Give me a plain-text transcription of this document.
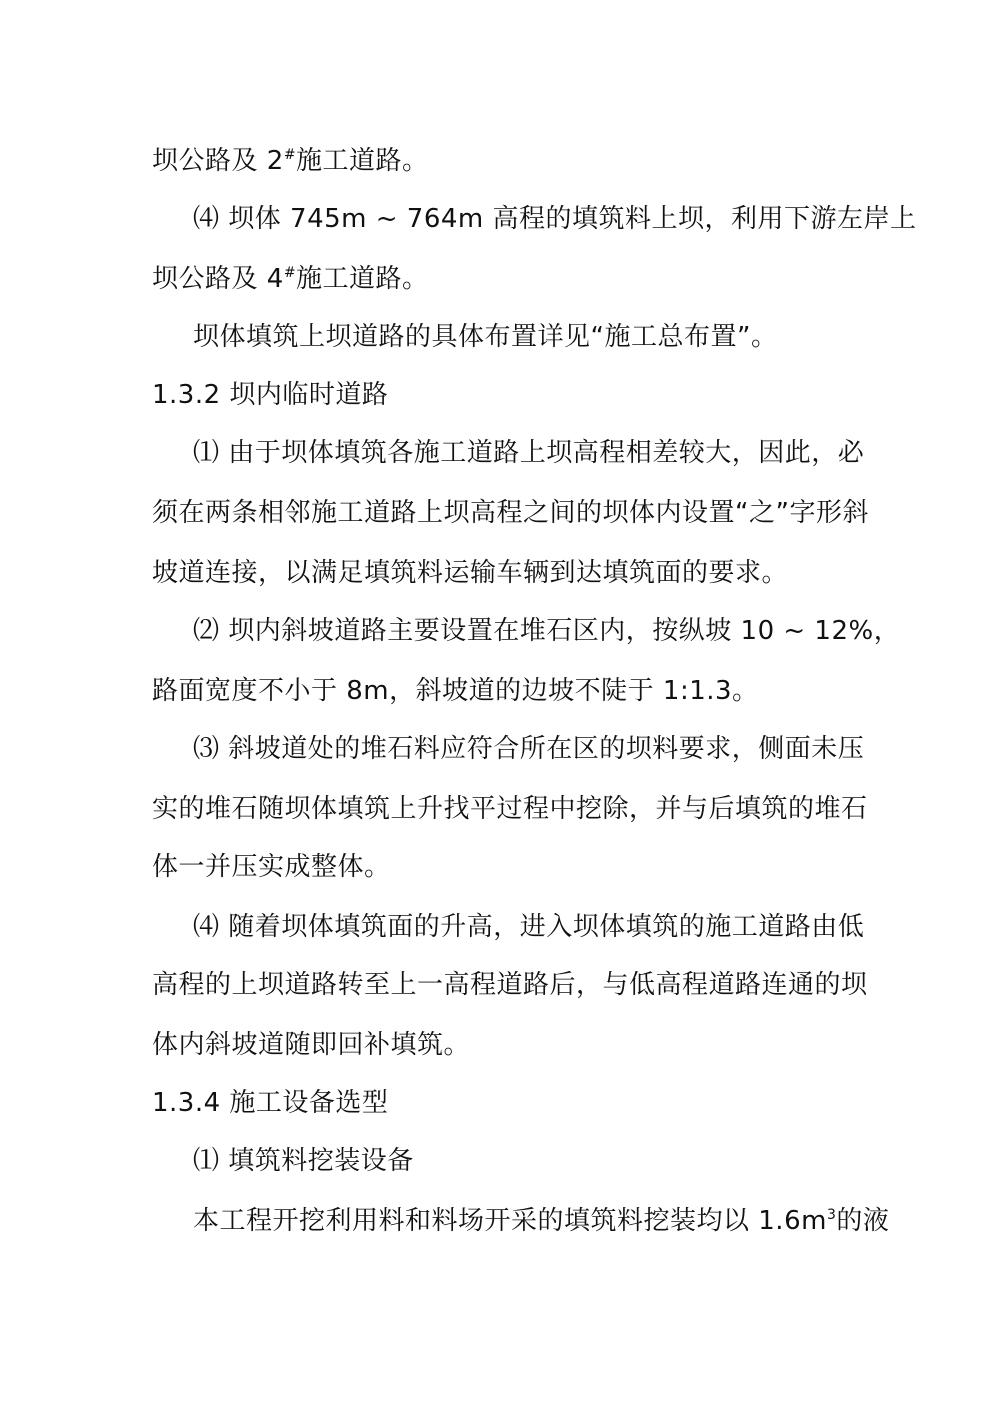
坝公路及 2#施工道路。
⑷ 坝体 745m ~ 764m 高程的填筑料上坝，利用下游左岸上
坝公路及 4#施工道路。
坝体填筑上坝道路的具体布置详见“施工总布置”。
1.3.2 坝内临时道路
⑴ 由于坝体填筑各施工道路上坝高程相差较大，因此，必
须在两条相邻施工道路上坝高程之间的坝体内设置“之”字形斜
坡道连接，以满足填筑料运输车辆到达填筑面的要求。
⑵ 坝内斜坡道路主要设置在堆石区内，按纵坡 10 ~ 12%，
路面宽度不小于 8m，斜坡道的边坡不陡于 1:1.3。
⑶ 斜坡道处的堆石料应符合所在区的坝料要求，侧面未压
实的堆石随坝体填筑上升找平过程中挖除，并与后填筑的堆石
体一并压实成整体。
⑷ 随着坝体填筑面的升高，进入坝体填筑的施工道路由低
高程的上坝道路转至上一高程道路后，与低高程道路连通的坝
体内斜坡道随即回补填筑。
1.3.4 施工设备选型
⑴ 填筑料挖装设备
本工程开挖利用料和料场开采的填筑料挖装均以 $1.6m^3$的液
